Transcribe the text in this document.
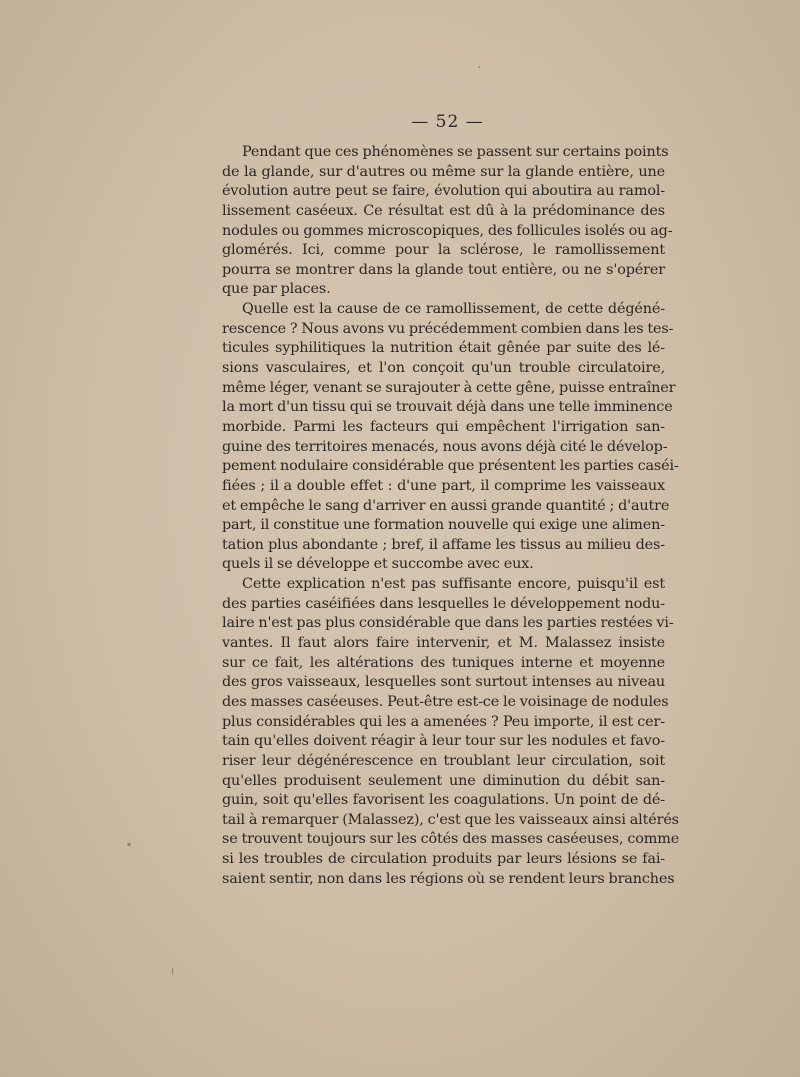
— 52 —
Pendant que ces phénomènes se passent sur certains points
de la glande, sur d'autres ou même sur la glande entière, une
évolution autre peut se faire, évolution qui aboutira au ramol-
lissement caséeux. Ce résultat est dû à la prédominance des
nodules ou gommes microscopiques, des follicules isolés ou ag-
glomérés. Ici, comme pour la sclérose, le ramollissement
pourra se montrer dans la glande tout entière, ou ne s'opérer
que par places.
Quelle est la cause de ce ramollissement, de cette dégéné-
rescence ? Nous avons vu précédemment combien dans les tes-
ticules syphilitiques la nutrition était gênée par suite des lé-
sions vasculaires, et l'on conçoit qu'un trouble circulatoire,
même léger, venant se surajouter à cette gêne, puisse entraîner
la mort d'un tissu qui se trouvait déjà dans une telle imminence
morbide. Parmi les facteurs qui empêchent l'irrigation san-
guine des territoires menacés, nous avons déjà cité le dévelop-
pement nodulaire considérable que présentent les parties caséi-
fiées ; il a double effet : d'une part, il comprime les vaisseaux
et empêche le sang d'arriver en aussi grande quantité ; d'autre
part, il constitue une formation nouvelle qui exige une alimen-
tation plus abondante ; bref, il affame les tissus au milieu des-
quels il se développe et succombe avec eux.
Cette explication n'est pas suffisante encore, puisqu'il est
des parties caséifiées dans lesquelles le développement nodu-
laire n'est pas plus considérable que dans les parties restées vi-
vantes. Il faut alors faire intervenir, et M. Malassez insiste
sur ce fait, les altérations des tuniques interne et moyenne
des gros vaisseaux, lesquelles sont surtout intenses au niveau
des masses caséeuses. Peut-être est-ce le voisinage de nodules
plus considérables qui les a amenées ? Peu importe, il est cer-
tain qu'elles doivent réagir à leur tour sur les nodules et favo-
riser leur dégénérescence en troublant leur circulation, soit
qu'elles produisent seulement une diminution du débit san-
guin, soit qu'elles favorisent les coagulations. Un point de dé-
tail à remarquer (Malassez), c'est que les vaisseaux ainsi altérés
se trouvent toujours sur les côtés des masses caséeuses, comme
si les troubles de circulation produits par leurs lésions se fai-
saient sentir, non dans les régions où se rendent leurs branches
